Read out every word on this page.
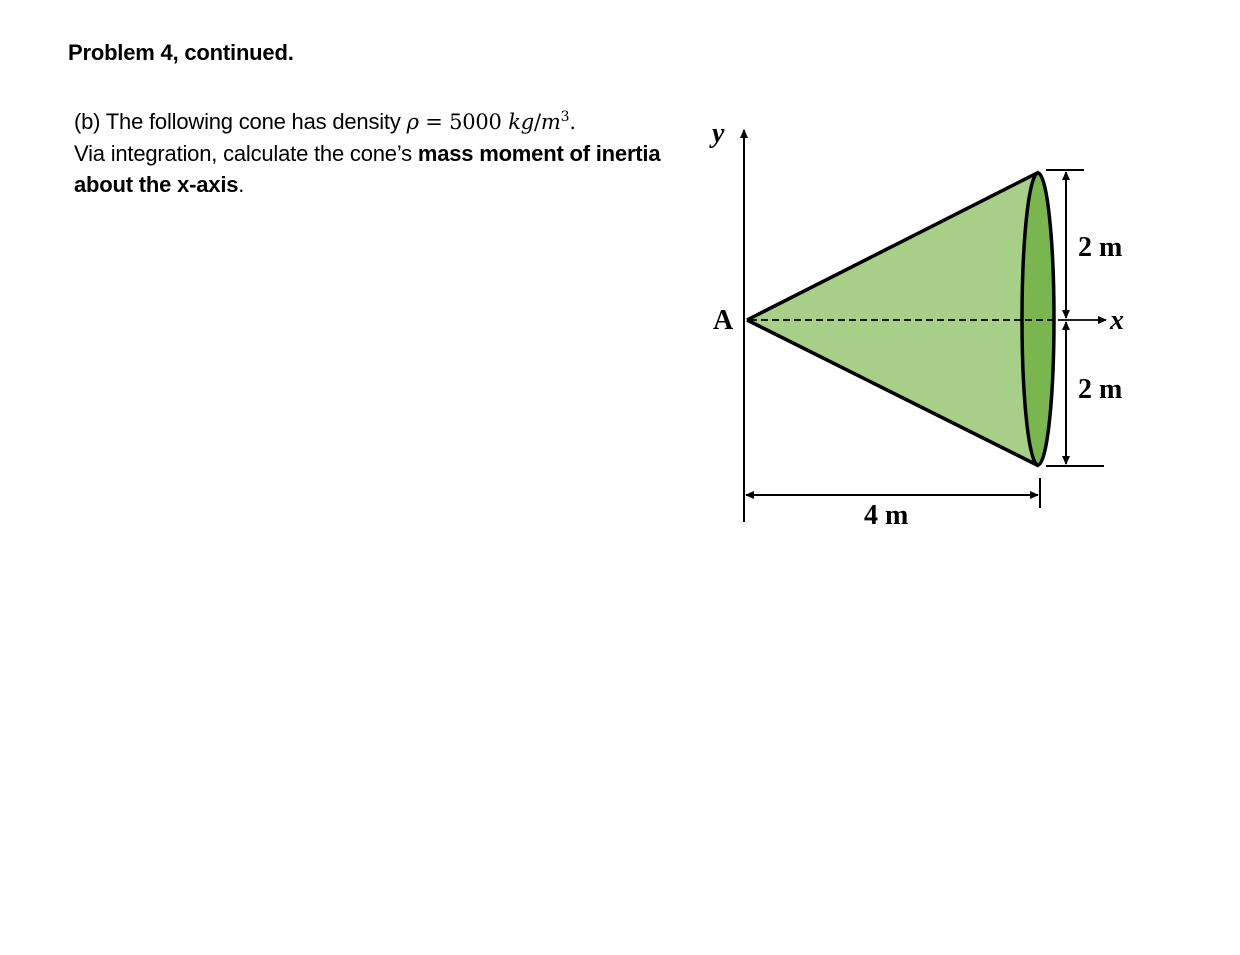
Problem 4, continued.
(b) The following cone has density ρ = 5000 $kg/m^3$.
Via integration, calculate the cone’s mass moment of inertia about the x-axis.
y
x
A
2 m
2 m
4 m
